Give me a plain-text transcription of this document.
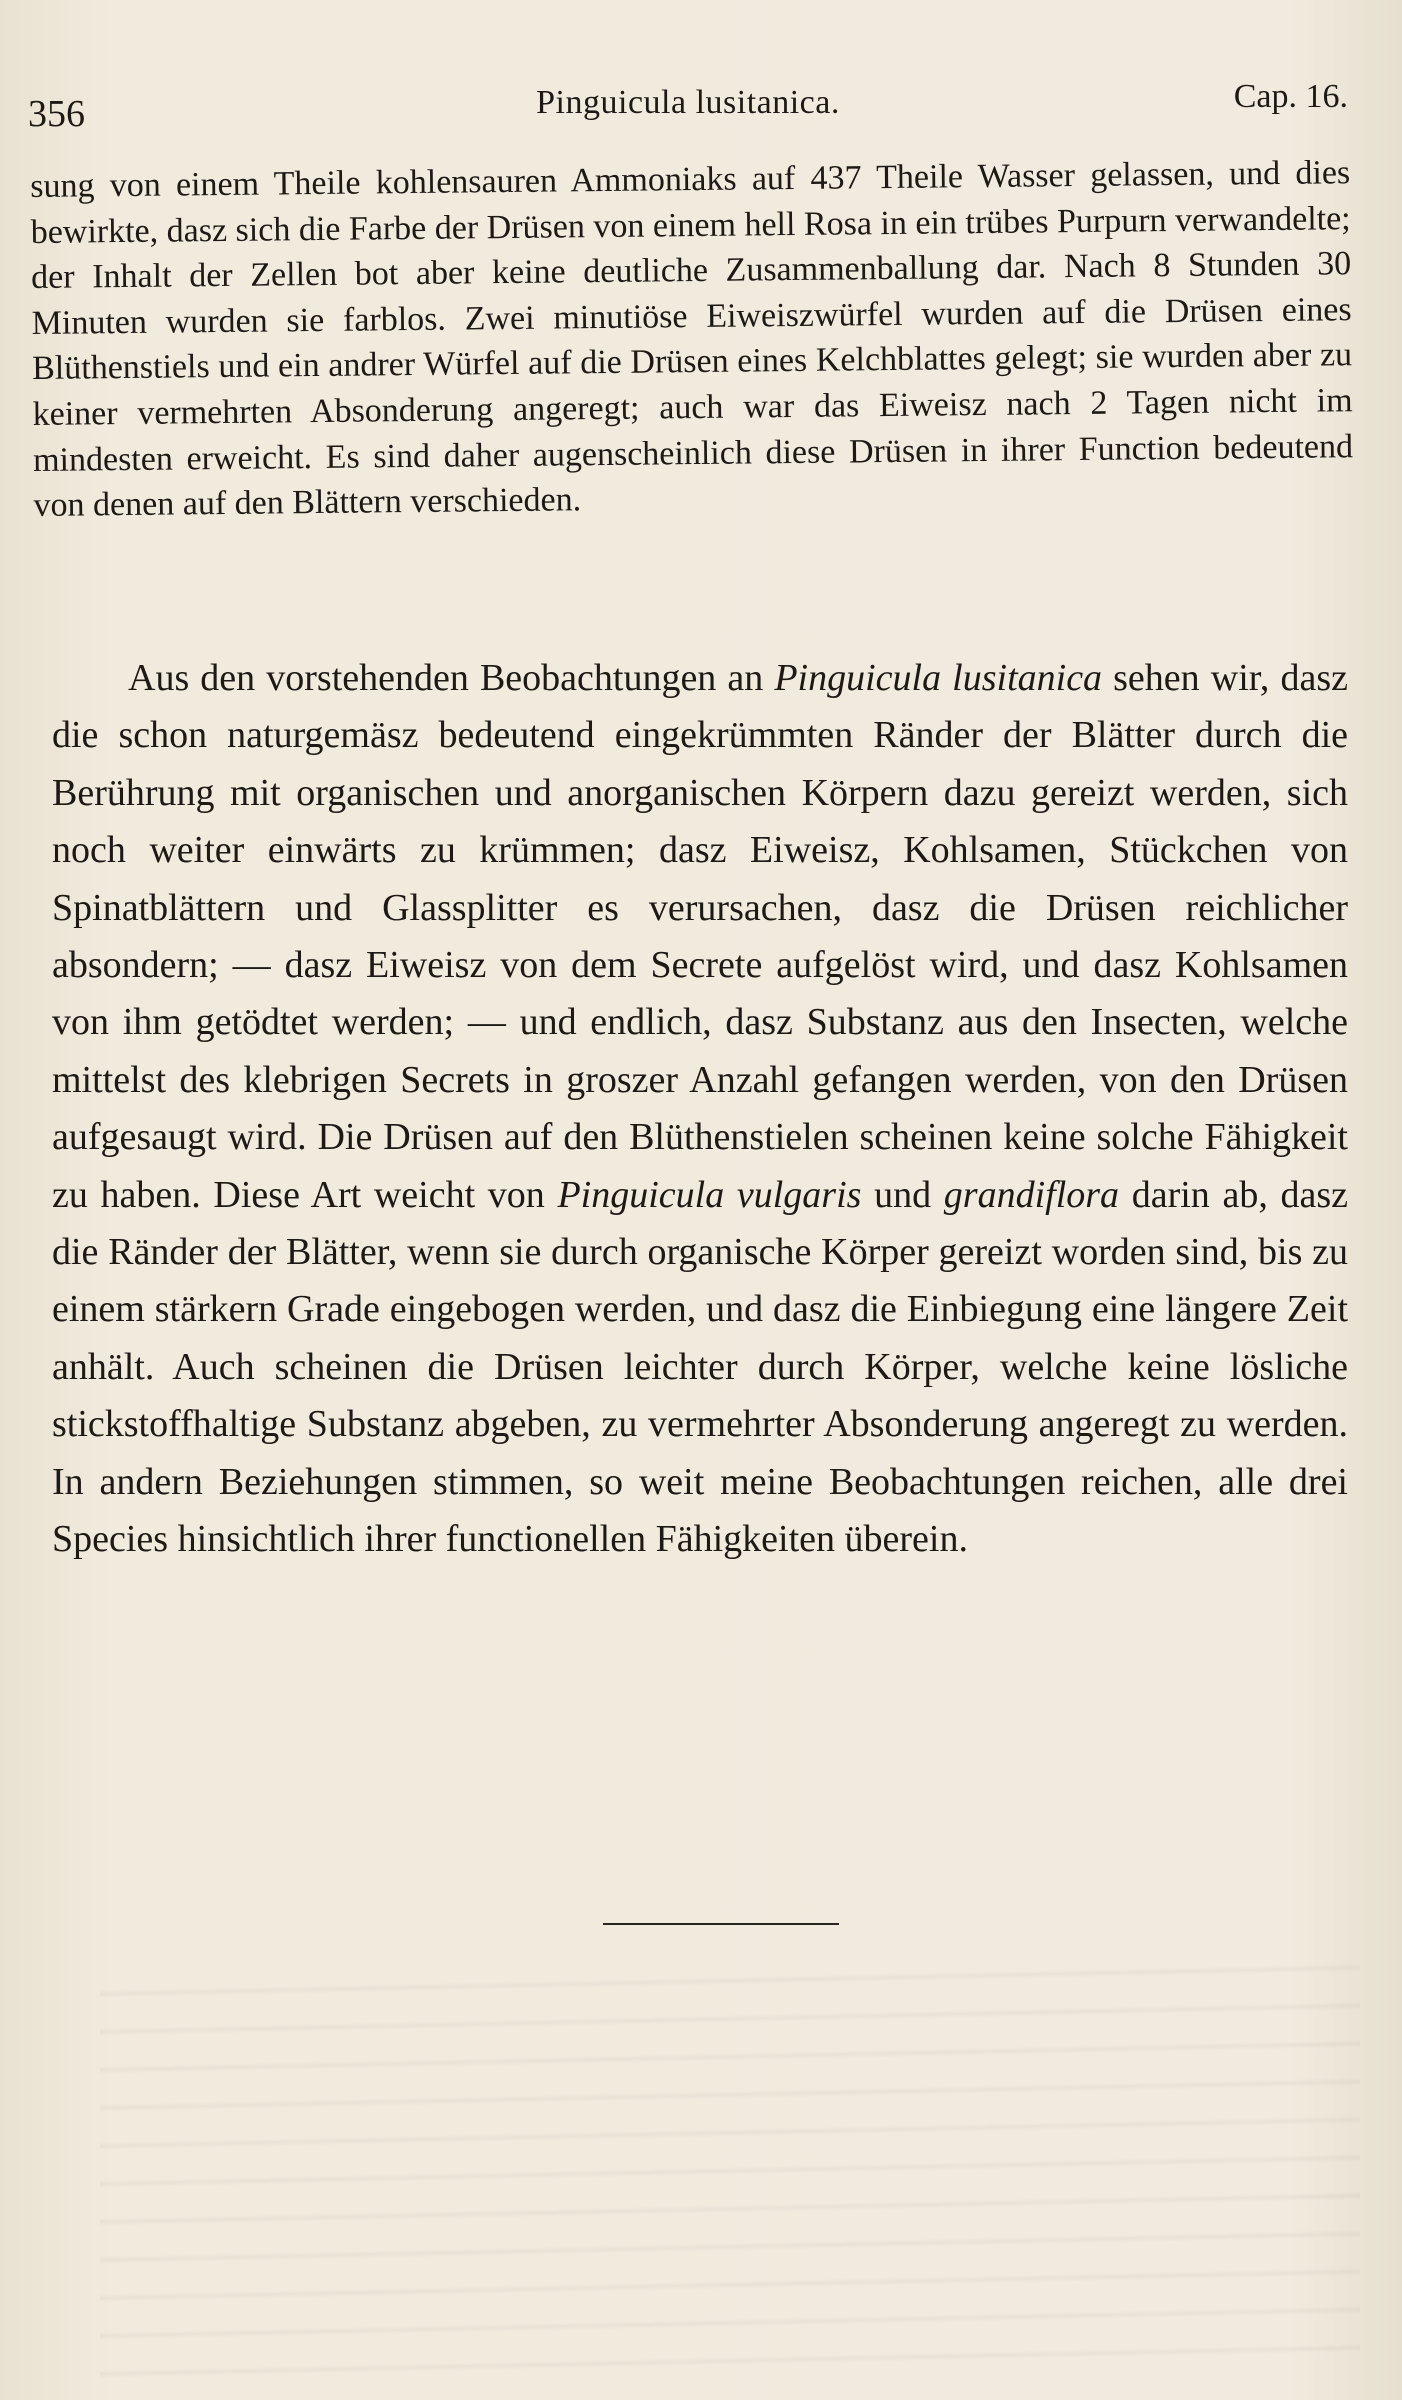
356	Pinguicula lusitanica.	Cap. 16.

sung von einem Theile kohlensauren Ammoniaks auf 437 Theile Wasser gelassen, und dies bewirkte, dasz sich die Farbe der Drüsen von einem hell Rosa in ein trübes Purpurn verwandelte; der Inhalt der Zellen bot aber keine deutliche Zusammenballung dar. Nach 8 Stunden 30 Minuten wurden sie farblos. Zwei minutiöse Eiweiszwürfel wurden auf die Drüsen eines Blüthenstiels und ein andrer Würfel auf die Drüsen eines Kelchblattes gelegt; sie wurden aber zu keiner vermehrten Absonderung angeregt; auch war das Eiweisz nach 2 Tagen nicht im mindesten erweicht. Es sind daher augenscheinlich diese Drüsen in ihrer Function bedeutend von denen auf den Blättern verschieden.

Aus den vorstehenden Beobachtungen an Pinguicula lusitanica sehen wir, dasz die schon naturgemäsz bedeutend eingekrümmten Ränder der Blätter durch die Berührung mit organischen und anorganischen Körpern dazu gereizt werden, sich noch weiter einwärts zu krümmen; dasz Eiweisz, Kohlsamen, Stückchen von Spinatblättern und Glassplitter es verursachen, dasz die Drüsen reichlicher absondern; — dasz Eiweisz von dem Secrete aufgelöst wird, und dasz Kohlsamen von ihm getödtet werden; — und endlich, dasz Substanz aus den Insecten, welche mittelst des klebrigen Secrets in groszer Anzahl gefangen werden, von den Drüsen aufgesaugt wird. Die Drüsen auf den Blüthenstielen scheinen keine solche Fähigkeit zu haben. Diese Art weicht von Pinguicula vulgaris und grandiflora darin ab, dasz die Ränder der Blätter, wenn sie durch organische Körper gereizt worden sind, bis zu einem stärkern Grade eingebogen werden, und dasz die Einbiegung eine längere Zeit anhält. Auch scheinen die Drüsen leichter durch Körper, welche keine lösliche stickstoffhaltige Substanz abgeben, zu vermehrter Absonderung angeregt zu werden. In andern Beziehungen stimmen, so weit meine Beobachtungen reichen, alle drei Species hinsichtlich ihrer functionellen Fähigkeiten überein.
